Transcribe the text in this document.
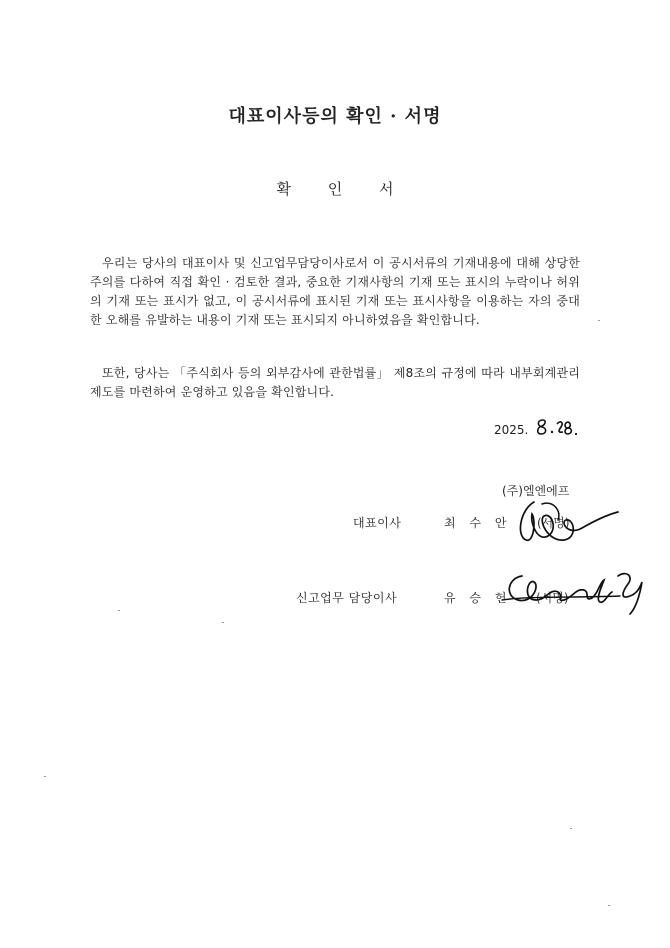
대표이사등의 확인 · 서명
확 인 서

우리는 당사의 대표이사 및 신고업무담당이사로서 이 공시서류의 기재내용에 대해 상당한 주의를 다하여 직접 확인 · 검토한 결과, 중요한 기재사항의 기재 또는 표시의 누락이나 허위의 기재 또는 표시가 없고, 이 공시서류에 표시된 기재 또는 표시사항을 이용하는 자의 중대한 오해를 유발하는 내용이 기재 또는 표시되지 아니하였음을 확인합니다.

또한, 당사는 「주식회사 등의 외부감사에 관한법률」 제8조의 규정에 따라 내부회계관리제도를 마련하여 운영하고 있음을 확인합니다.

2025.
(주)엘엔에프
대표이사	최 수 안 (서명)
신고업무 담당이사	유 승 헌 (서명)
